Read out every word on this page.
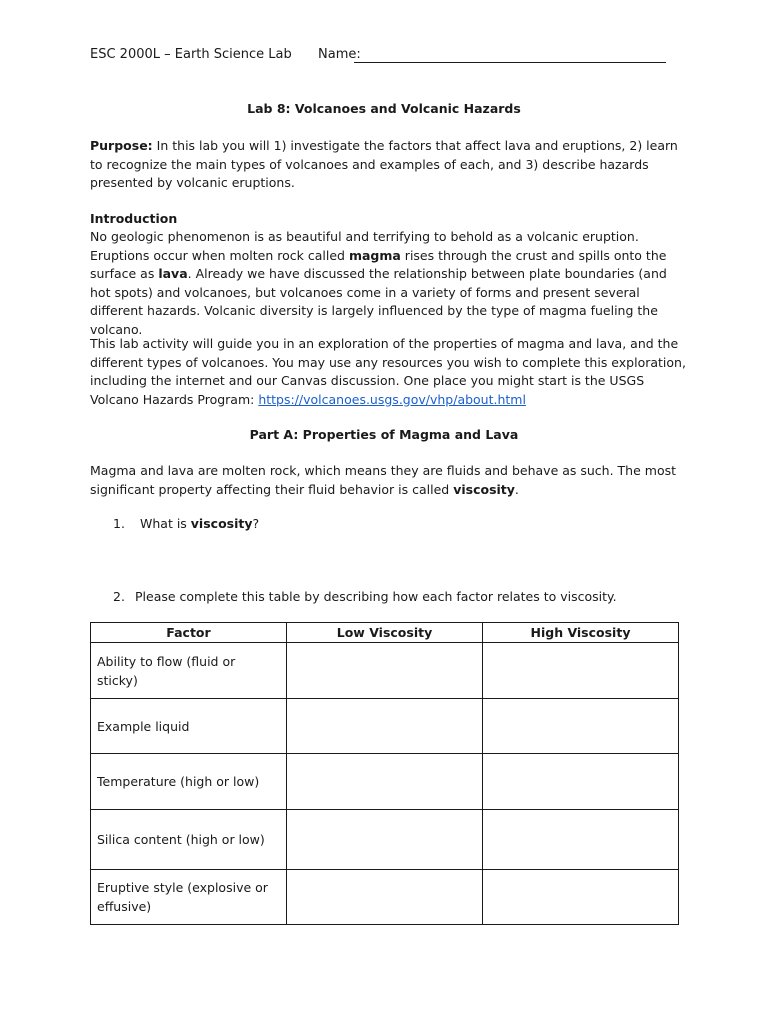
ESC 2000L – Earth Science Lab Name:
Lab 8: Volcanoes and Volcanic Hazards
Purpose: In this lab you will 1) investigate the factors that affect lava and eruptions, 2) learn to recognize the main types of volcanoes and examples of each, and 3) describe hazards presented by volcanic eruptions.
Introduction
No geologic phenomenon is as beautiful and terrifying to behold as a volcanic eruption. Eruptions occur when molten rock called magma rises through the crust and spills onto the surface as lava. Already we have discussed the relationship between plate boundaries (and hot spots) and volcanoes, but volcanoes come in a variety of forms and present several different hazards. Volcanic diversity is largely influenced by the type of magma fueling the volcano.
This lab activity will guide you in an exploration of the properties of magma and lava, and the different types of volcanoes. You may use any resources you wish to complete this exploration, including the internet and our Canvas discussion. One place you might start is the USGS Volcano Hazards Program: https://volcanoes.usgs.gov/vhp/about.html
Part A: Properties of Magma and Lava
Magma and lava are molten rock, which means they are fluids and behave as such. The most significant property affecting their fluid behavior is called viscosity.
1. What is viscosity?
2. Please complete this table by describing how each factor relates to viscosity.
Factor	Low Viscosity	High Viscosity
Ability to flow (fluid or sticky)		
Example liquid		
Temperature (high or low)		
Silica content (high or low)		
Eruptive style (explosive or effusive)		
